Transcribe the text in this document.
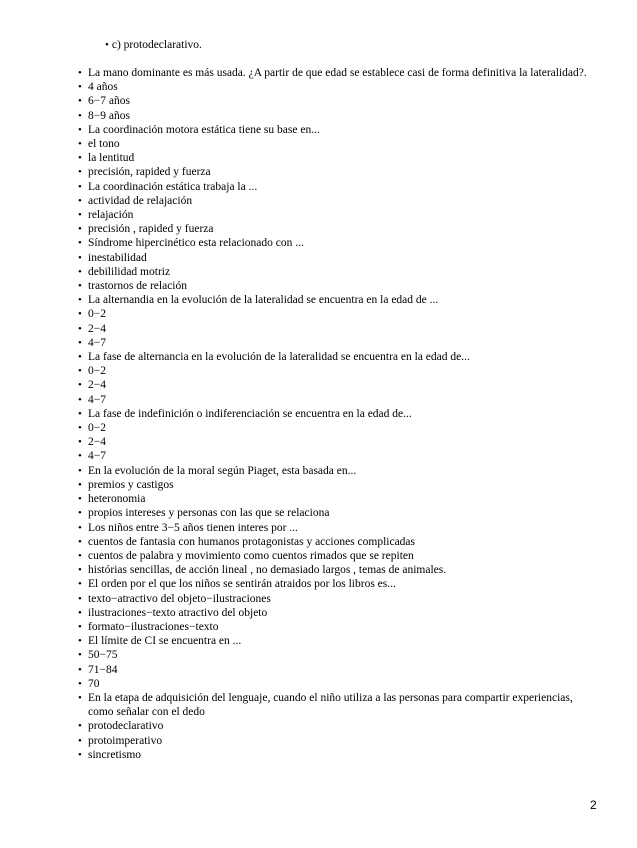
• c) protodeclarativo.
• La mano dominante es más usada. ¿A partir de que edad se establece casi de forma definitiva la lateralidad?.
• 4 años
• 6−7 años
• 8−9 años
• La coordinación motora estática tiene su base en...
• el tono
• la lentitud
• precisión, rapided y fuerza
• La coordinación estática trabaja la ...
• actividad de relajación
• relajación
• precisión , rapided y fuerza
• Síndrome hipercinético esta relacionado con ...
• inestabilidad
• debililidad motriz
• trastornos de relación
• La alternandia en la evolución de la lateralidad se encuentra en la edad de ...
• 0−2
• 2−4
• 4−7
• La fase de alternancia en la evolución de la lateralidad se encuentra en la edad de...
• 0−2
• 2−4
• 4−7
• La fase de indefinición o indiferenciación se encuentra en la edad de...
• 0−2
• 2−4
• 4−7
• En la evolución de la moral según Piaget, esta basada en...
• premios y castigos
• heteronomia
• propios intereses y personas con las que se relaciona
• Los niños entre 3−5 años tienen interes por ...
• cuentos de fantasia con humanos protagonistas y acciones complicadas
• cuentos de palabra y movimiento como cuentos rimados que se repiten
• histórias sencillas, de acción lineal , no demasiado largos , temas de animales.
• El orden por el que los niños se sentirán atraidos por los libros es...
• texto−atractivo del objeto−ilustraciones
• ilustraciones−texto atractivo del objeto
• formato−ilustraciones−texto
• El límite de CI se encuentra en ...
• 50−75
• 71−84
• 70
• En la etapa de adquisición del lenguaje, cuando el niño utiliza a las personas para compartir experiencias, como señalar con el dedo
• protodeclarativo
• protoimperativo
• sincretismo
2
